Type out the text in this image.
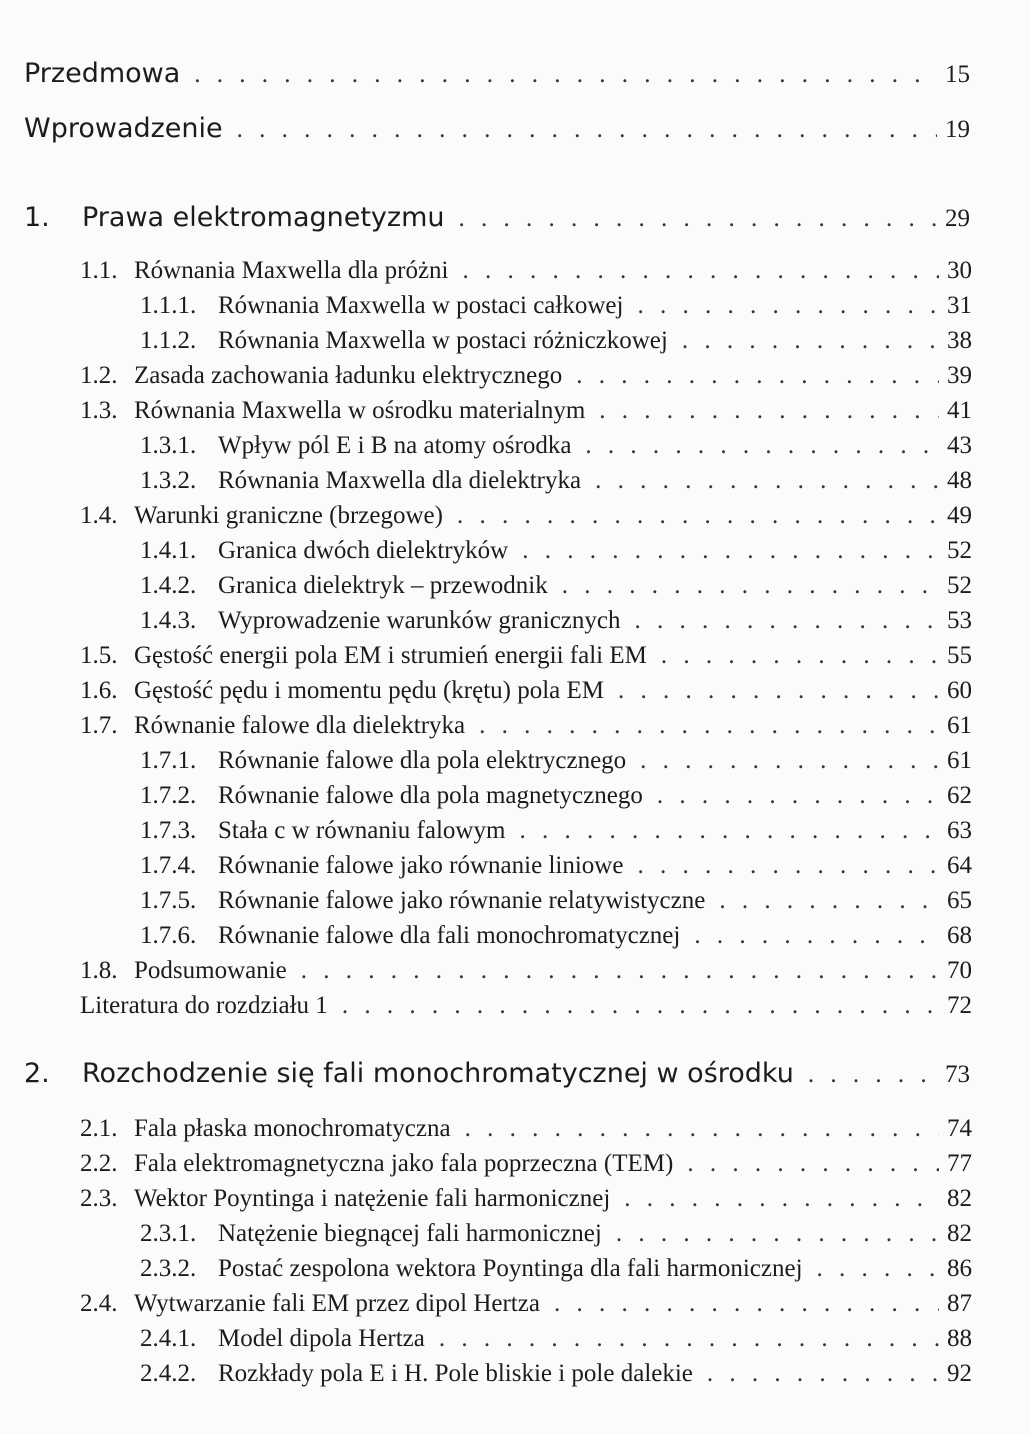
Przedmowa . . .	15
Wprowadzenie . . .	19
1.	Prawa elektromagnetyzmu . . .	29
1.1. Równania Maxwella dla próżni . . .	30
1.1.1. Równania Maxwella w postaci całkowej . . .	31
1.1.2. Równania Maxwella w postaci różniczkowej . . .	38
1.2. Zasada zachowania ładunku elektrycznego . . .	39
1.3. Równania Maxwella w ośrodku materialnym . . .	41
1.3.1. Wpływ pól E i B na atomy ośrodka . . .	43
1.3.2. Równania Maxwella dla dielektryka . . .	48
1.4. Warunki graniczne (brzegowe) . . .	49
1.4.1. Granica dwóch dielektryków . . .	52
1.4.2. Granica dielektryk – przewodnik . . .	52
1.4.3. Wyprowadzenie warunków granicznych . . .	53
1.5. Gęstość energii pola EM i strumień energii fali EM . . .	55
1.6. Gęstość pędu i momentu pędu (krętu) pola EM . . .	60
1.7. Równanie falowe dla dielektryka . . .	61
1.7.1. Równanie falowe dla pola elektrycznego . . .	61
1.7.2. Równanie falowe dla pola magnetycznego . . .	62
1.7.3. Stała c w równaniu falowym . . .	63
1.7.4. Równanie falowe jako równanie liniowe . . .	64
1.7.5. Równanie falowe jako równanie relatywistyczne . . .	65
1.7.6. Równanie falowe dla fali monochromatycznej . . .	68
1.8. Podsumowanie . . .	70
Literatura do rozdziału 1 . . .	72
2.	Rozchodzenie się fali monochromatycznej w ośrodku . . .	73
2.1. Fala płaska monochromatyczna . . .	74
2.2. Fala elektromagnetyczna jako fala poprzeczna (TEM) . . .	77
2.3. Wektor Poyntinga i natężenie fali harmonicznej . . .	82
2.3.1. Natężenie biegnącej fali harmonicznej . . .	82
2.3.2. Postać zespolona wektora Poyntinga dla fali harmonicznej . . .	86
2.4. Wytwarzanie fali EM przez dipol Hertza . . .	87
2.4.1. Model dipola Hertza . . .	88
2.4.2. Rozkłady pola E i H. Pole bliskie i pole dalekie . . .	92
